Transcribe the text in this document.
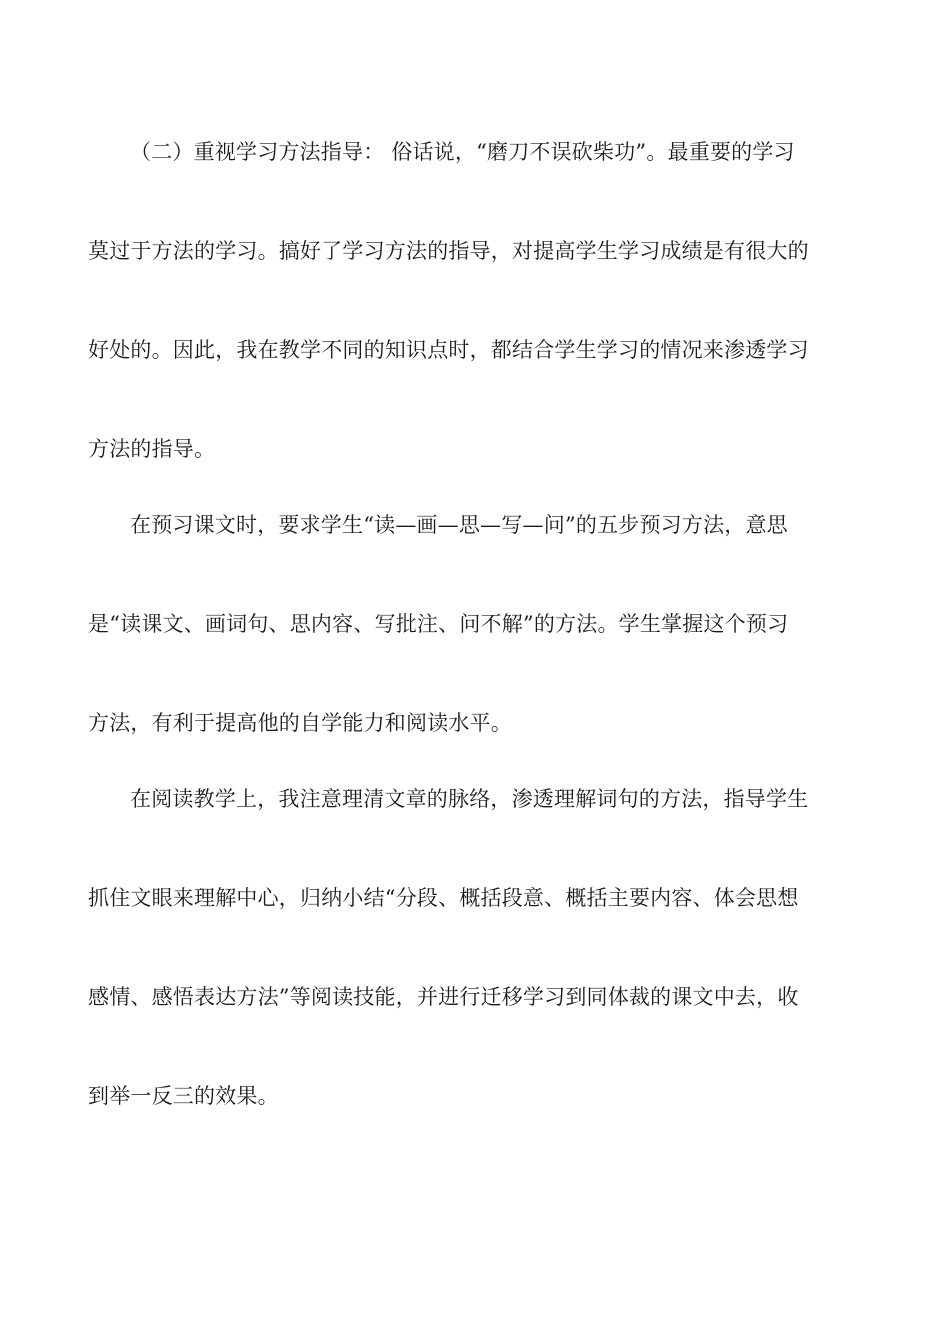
（二）重视学习方法指导： 俗话说，“磨刀不误砍柴功”。最重要的学习
莫过于方法的学习。搞好了学习方法的指导，对提高学生学习成绩是有很大的
好处的。因此，我在教学不同的知识点时，都结合学生学习的情况来渗透学习
方法的指导。
在预习课文时，要求学生“读—画—思—写—问”的五步预习方法，意思
是“读课文、画词句、思内容、写批注、问不解”的方法。学生掌握这个预习
方法，有利于提高他的自学能力和阅读水平。
在阅读教学上，我注意理清文章的脉络，渗透理解词句的方法，指导学生
抓住文眼来理解中心，归纳小结“分段、概括段意、概括主要内容、体会思想
感情、感悟表达方法”等阅读技能，并进行迁移学习到同体裁的课文中去，收
到举一反三的效果。
